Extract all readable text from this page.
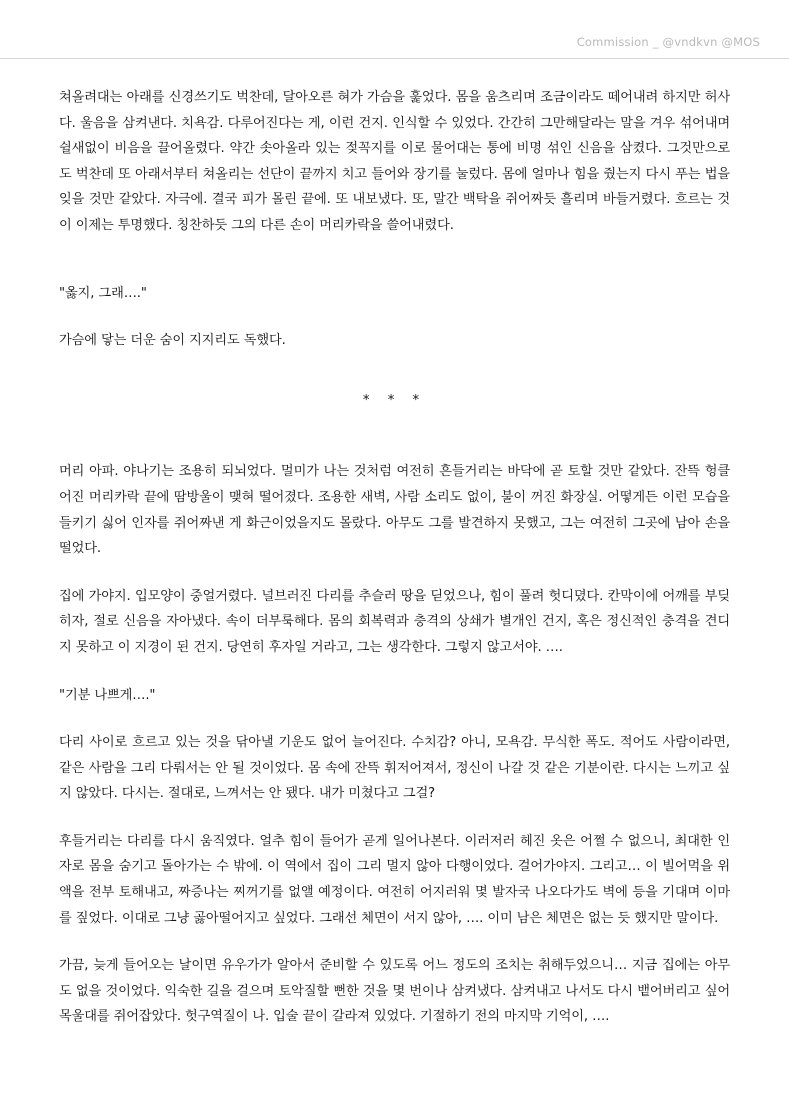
Commission _ @vndkvn @MOS

쳐올려대는 아래를 신경쓰기도 벅찬데, 달아오른 혀가 가슴을 훑었다. 몸을 움츠리며 조금이라도 떼어내려 하지만 허사다. 울음을 삼켜낸다. 치욕감. 다루어진다는 게, 이런 건지. 인식할 수 있었다. 간간히 그만해달라는 말을 겨우 섞어내며 쉴새없이 비음을 끌어올렸다. 약간 솟아올라 있는 젖꼭지를 이로 물어대는 통에 비명 섞인 신음을 삼켰다. 그것만으로도 벅찬데 또 아래서부터 쳐올리는 선단이 끝까지 치고 들어와 장기를 눌렀다. 몸에 얼마나 힘을 줬는지 다시 푸는 법을 잊을 것만 같았다. 자극에. 결국 피가 몰린 끝에. 또 내보냈다. 또, 말간 백탁을 쥐어짜듯 흘리며 바들거렸다. 흐르는 것이 이제는 투명했다. 칭찬하듯 그의 다른 손이 머리카락을 쓸어내렸다.

"옳지, 그래…."

가슴에 닿는 더운 숨이 지지리도 독했다.

* * *

머리 아파. 야나기는 조용히 되뇌었다. 멀미가 나는 것처럼 여전히 흔들거리는 바닥에 곧 토할 것만 같았다. 잔뜩 헝클어진 머리카락 끝에 땀방울이 맺혀 떨어졌다. 조용한 새벽, 사람 소리도 없이, 불이 꺼진 화장실. 어떻게든 이런 모습을 들키기 싫어 인자를 쥐어짜낸 게 화근이었을지도 몰랐다. 아무도 그를 발견하지 못했고, 그는 여전히 그곳에 남아 손을 떨었다.

집에 가야지. 입모양이 중얼거렸다. 널브러진 다리를 추슬러 땅을 딛었으나, 힘이 풀려 헛디뎠다. 칸막이에 어깨를 부딪히자, 절로 신음을 자아냈다. 속이 더부룩해다. 몸의 회복력과 충격의 상쇄가 별개인 건지, 혹은 정신적인 충격을 견디지 못하고 이 지경이 된 건지. 당연히 후자일 거라고, 그는 생각한다. 그렇지 않고서야. ….

"기분 나쁘게…."

다리 사이로 흐르고 있는 것을 닦아낼 기운도 없어 늘어진다. 수치감? 아니, 모욕감. 무식한 폭도. 적어도 사람이라면, 같은 사람을 그리 다뤄서는 안 될 것이었다. 몸 속에 잔뜩 휘저어져서, 정신이 나갈 것 같은 기분이란. 다시는 느끼고 싶지 않았다. 다시는. 절대로, 느껴서는 안 됐다. 내가 미쳤다고 그걸?

후들거리는 다리를 다시 움직였다. 얼추 힘이 들어가 곧게 일어나본다. 이러저러 헤진 옷은 어쩔 수 없으니, 최대한 인자로 몸을 숨기고 돌아가는 수 밖에. 이 역에서 집이 그리 멀지 않아 다행이었다. 걸어가야지. 그리고… 이 빌어먹을 위액을 전부 토해내고, 짜증나는 찌꺼기를 없앨 예정이다. 여전히 어지러워 몇 발자국 나오다가도 벽에 등을 기대며 이마를 짚었다. 이대로 그냥 곯아떨어지고 싶었다. 그래선 체면이 서지 않아, …. 이미 남은 체면은 없는 듯 했지만 말이다.

가끔, 늦게 들어오는 날이면 유우가가 알아서 준비할 수 있도록 어느 정도의 조치는 취해두었으니… 지금 집에는 아무도 없을 것이었다. 익숙한 길을 걸으며 토악질할 뻔한 것을 몇 번이나 삼켜냈다. 삼켜내고 나서도 다시 뱉어버리고 싶어 목울대를 쥐어잡았다. 헛구역질이 나. 입술 끝이 갈라져 있었다. 기절하기 전의 마지막 기억이, ….
